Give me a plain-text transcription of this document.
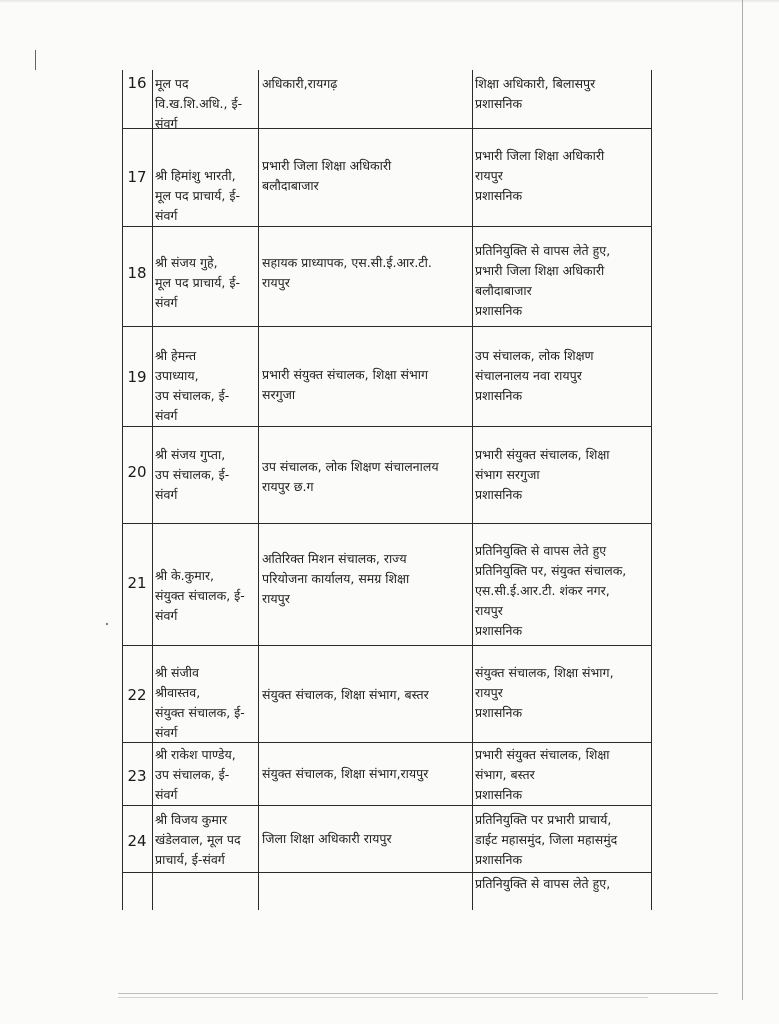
16 मूल पद
वि.ख.शि.अधि., ई-
संवर्ग
अधिकारी,रायगढ़	शिक्षा अधिकारी, बिलासपुर
प्रशासनिक
17 श्री हिमांशु भारती,
मूल पद प्राचार्य, ई-
संवर्ग
प्रभारी जिला शिक्षा अधिकारी
बलौदाबाजार
प्रभारी जिला शिक्षा अधिकारी
रायपुर
प्रशासनिक
18
श्री संजय गुहे,
मूल पद प्राचार्य, ई-
संवर्ग
सहायक प्राध्यापक, एस.सी.ई.आर.टी.
रायपुर
प्रतिनियुक्ति से वापस लेते हुए,
प्रभारी जिला शिक्षा अधिकारी
बलौदाबाजार
प्रशासनिक
19
श्री हेमन्त
उपाध्याय,
उप संचालक, ई-
संवर्ग
प्रभारी संयुक्त संचालक, शिक्षा संभाग
सरगुजा
उप संचालक, लोक शिक्षण
संचालनालय नवा रायपुर
प्रशासनिक
20
श्री संजय गुप्ता,
उप संचालक, ई-
संवर्ग
उप संचालक, लोक शिक्षण संचालनालय
रायपुर छ.ग
प्रभारी संयुक्त संचालक, शिक्षा
संभाग सरगुजा
प्रशासनिक
21 श्री के.कुमार,
संयुक्त संचालक, ई-
संवर्ग
अतिरिक्त मिशन संचालक, राज्य
परियोजना कार्यालय, समग्र शिक्षा
रायपुर
प्रतिनियुक्ति से वापस लेते हुए
प्रतिनियुक्ति पर, संयुक्त संचालक,
एस.सी.ई.आर.टी. शंकर नगर,
रायपुर
प्रशासनिक
22
श्री संजीव
श्रीवास्तव,
संयुक्त संचालक, ई-
संवर्ग
संयुक्त संचालक, शिक्षा संभाग, बस्तर
संयुक्त संचालक, शिक्षा संभाग,
रायपुर
प्रशासनिक
23
श्री राकेश पाण्डेय,
उप संचालक, ई-
संवर्ग
संयुक्त संचालक, शिक्षा संभाग,रायपुर
प्रभारी संयुक्त संचालक, शिक्षा
संभाग, बस्तर
प्रशासनिक
24
श्री विजय कुमार
खंडेलवाल, मूल पद
प्राचार्य, ई-संवर्ग
जिला शिक्षा अधिकारी रायपुर
प्रतिनियुक्ति पर प्रभारी प्राचार्य,
डाईट महासमुंद, जिला महासमुंद
प्रशासनिक
प्रतिनियुक्ति से वापस लेते हुए,
